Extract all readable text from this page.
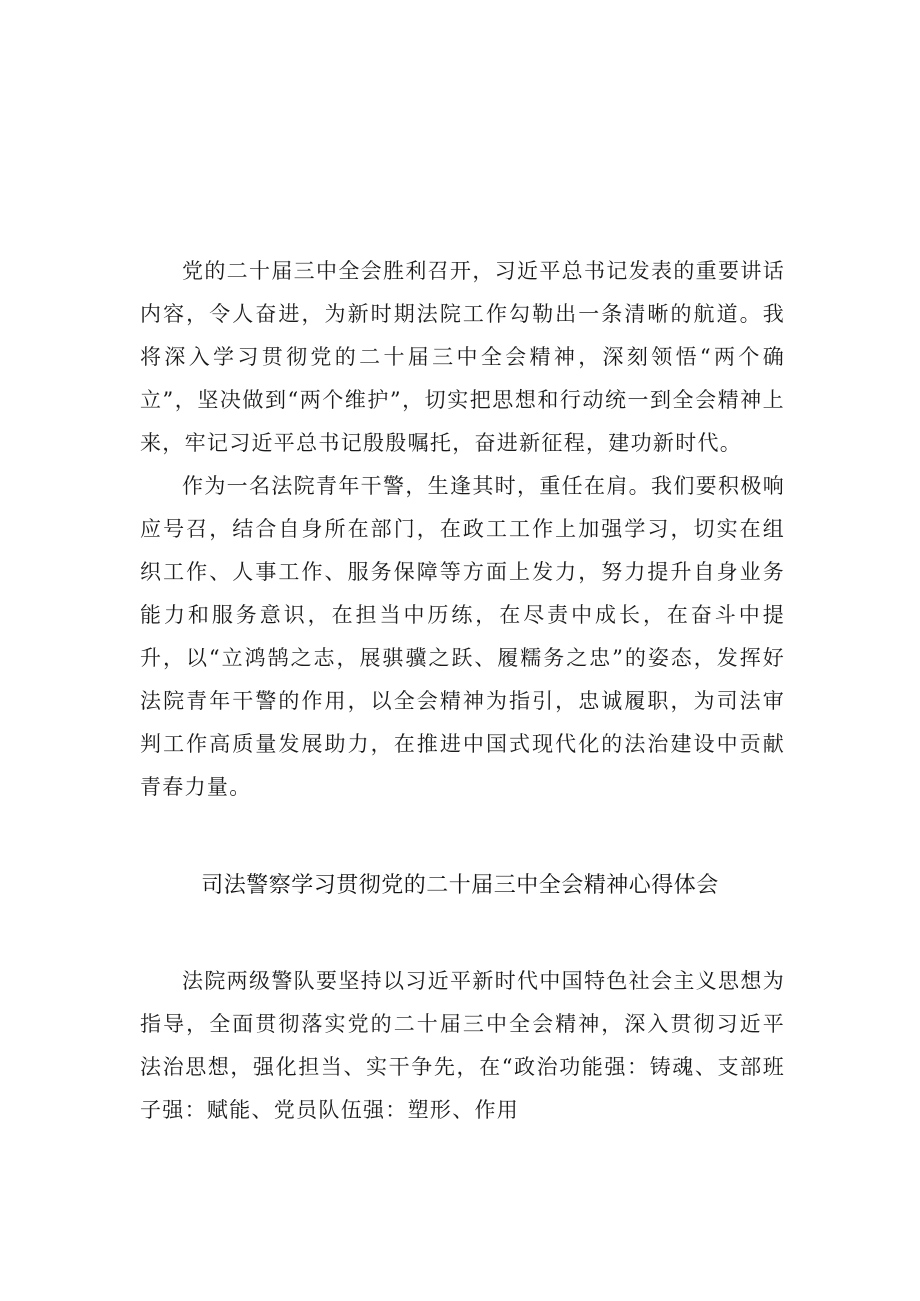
党的二十届三中全会胜利召开，习近平总书记发表的重要讲话内容，令人奋进，为新时期法院工作勾勒出一条清晰的航道。我将深入学习贯彻党的二十届三中全会精神，深刻领悟“两个确立”，坚决做到“两个维护”，切实把思想和行动统一到全会精神上来，牢记习近平总书记殷殷嘱托，奋进新征程，建功新时代。

作为一名法院青年干警，生逢其时，重任在肩。我们要积极响应号召，结合自身所在部门，在政工工作上加强学习，切实在组织工作、人事工作、服务保障等方面上发力，努力提升自身业务能力和服务意识，在担当中历练，在尽责中成长，在奋斗中提升，以“立鸿鹄之志，展骐骥之跃、履糯务之忠”的姿态，发挥好法院青年干警的作用，以全会精神为指引，忠诚履职，为司法审判工作高质量发展助力，在推进中国式现代化的法治建设中贡献青春力量。

司法警察学习贯彻党的二十届三中全会精神心得体会

法院两级警队要坚持以习近平新时代中国特色社会主义思想为指导，全面贯彻落实党的二十届三中全会精神，深入贯彻习近平法治思想，强化担当、实干争先，在“政治功能强：铸魂、支部班子强：赋能、党员队伍强：塑形、作用
